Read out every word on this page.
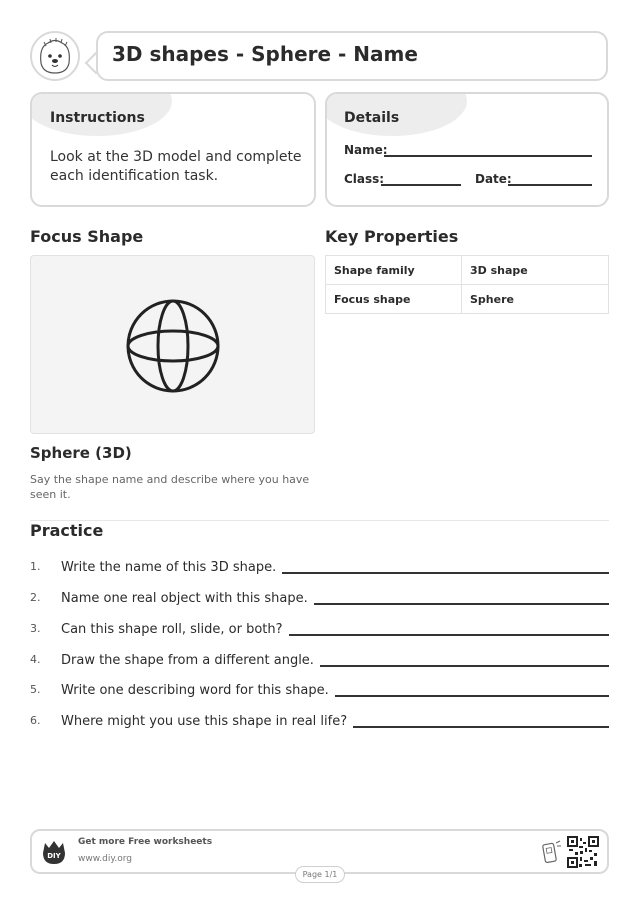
3D shapes - Sphere - Name
Instructions
Look at the 3D model and complete each identification task.
Details
Name:
Class:	Date:
Focus Shape
Sphere (3D)
Say the shape name and describe where you have seen it.
Key Properties
Shape family	3D shape
Focus shape	Sphere
Practice
1.	Write the name of this 3D shape.
2.	Name one real object with this shape.
3.	Can this shape roll, slide, or both?
4.	Draw the shape from a different angle.
5.	Write one describing word for this shape.
6.	Where might you use this shape in real life?
DIY
Get more Free worksheets
www.diy.org
Page 1/1
